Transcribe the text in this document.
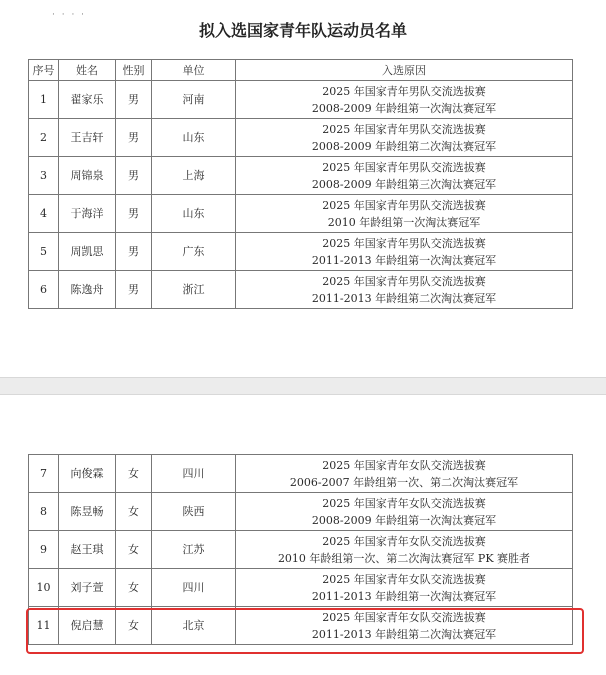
· · · ·
拟入选国家青年队运动员名单
序号	姓名	性别	单位	入选原因
1	翟家乐	男	河南	2025 年国家青年男队交流选拔赛
2008-2009 年龄组第一次淘汰赛冠军

2	王吉轩	男	山东	2025 年国家青年男队交流选拔赛
2008-2009 年龄组第二次淘汰赛冠军

3	周锦泉	男	上海	2025 年国家青年男队交流选拔赛
2008-2009 年龄组第三次淘汰赛冠军

4	于海洋	男	山东	2025 年国家青年男队交流选拔赛
2010 年龄组第一次淘汰赛冠军

5	周凯思	男	广东	2025 年国家青年男队交流选拔赛
2011-2013 年龄组第一次淘汰赛冠军

6	陈逸舟	男	浙江	2025 年国家青年男队交流选拔赛
2011-2013 年龄组第二次淘汰赛冠军
7	向俊霖	女	四川	2025 年国家青年女队交流选拔赛
2006-2007 年龄组第一次、第二次淘汰赛冠军

8	陈昱畅	女	陕西	2025 年国家青年女队交流选拔赛
2008-2009 年龄组第一次淘汰赛冠军

9	赵王琪	女	江苏	2025 年国家青年女队交流选拔赛
2010 年龄组第一次、第二次淘汰赛冠军 PK 赛胜者

10	刘子萱	女	四川	2025 年国家青年女队交流选拔赛
2011-2013 年龄组第一次淘汰赛冠军

11	倪启慧	女	北京	2025 年国家青年女队交流选拔赛
2011-2013 年龄组第二次淘汰赛冠军
